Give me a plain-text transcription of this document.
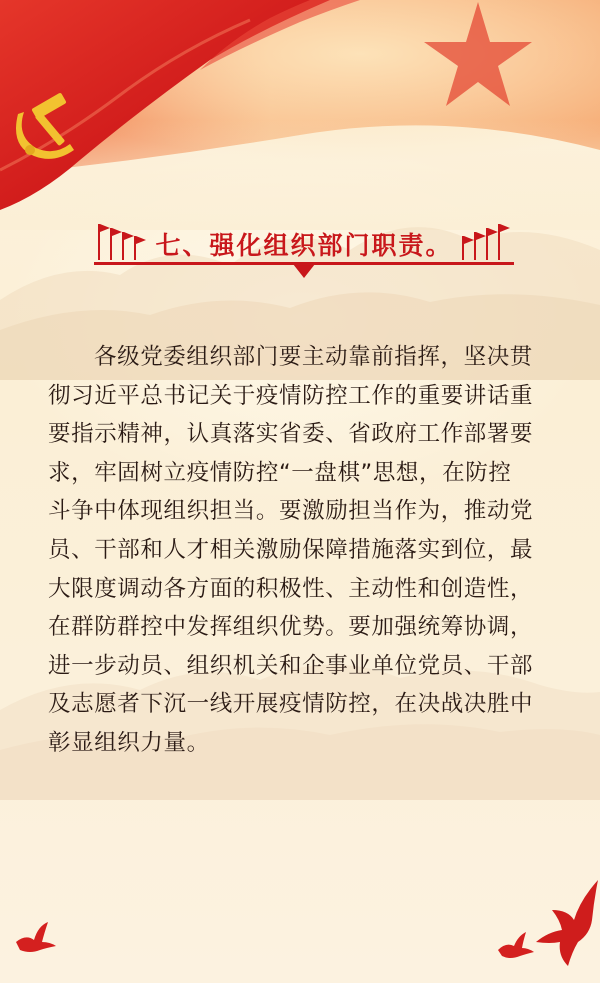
七、强化组织部门职责。
各级党委组织部门要主动靠前指挥，坚决贯
彻习近平总书记关于疫情防控工作的重要讲话重
要指示精神，认真落实省委、省政府工作部署要
求，牢固树立疫情防控“一盘棋”思想，在防控
斗争中体现组织担当。要激励担当作为，推动党
员、干部和人才相关激励保障措施落实到位，最
大限度调动各方面的积极性、主动性和创造性，
在群防群控中发挥组织优势。要加强统筹协调，
进一步动员、组织机关和企事业单位党员、干部
及志愿者下沉一线开展疫情防控，在决战决胜中
彰显组织力量。
